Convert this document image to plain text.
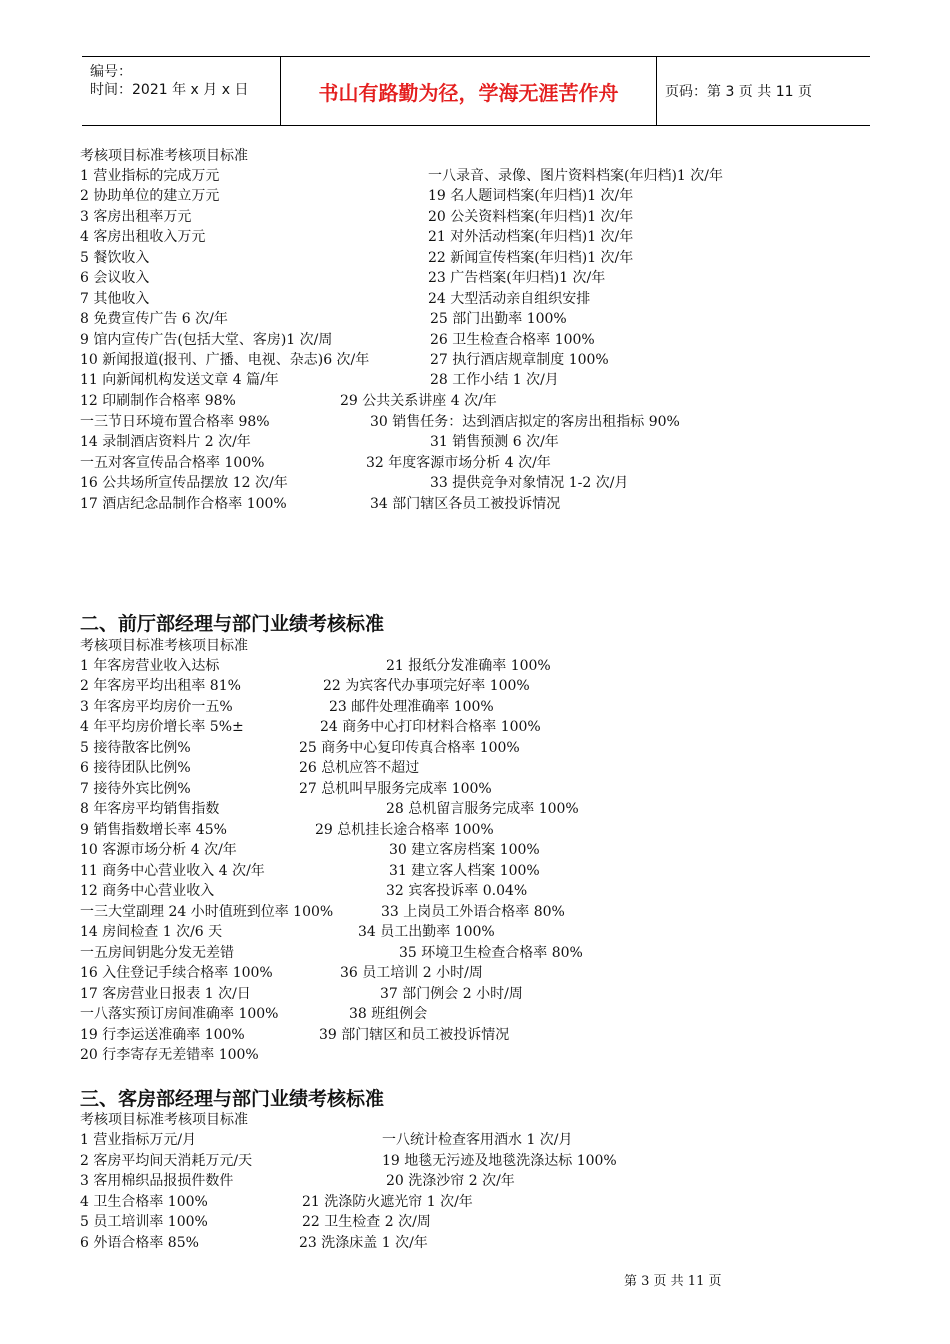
编号：
时间：2021 年 x 月 x 日	书山有路勤为径，学海无涯苦作舟	页码：第 3 页 共 11 页
考核项目标准考核项目标准
1 营业指标的完成万元	一八录音、录像、图片资料档案(年归档)1 次/年
2 协助单位的建立万元	19 名人题词档案(年归档)1 次/年
3 客房出租率万元	20 公关资料档案(年归档)1 次/年
4 客房出租收入万元	21 对外活动档案(年归档)1 次/年
5 餐饮收入	22 新闻宣传档案(年归档)1 次/年
6 会议收入	23 广告档案(年归档)1 次/年
7 其他收入	24 大型活动亲自组织安排
8 免费宣传广告 6 次/年	25 部门出勤率 100%
9 馆内宣传广告(包括大堂、客房)1 次/周	26 卫生检查合格率 100%
10 新闻报道(报刊、广播、电视、杂志)6 次/年	27 执行酒店规章制度 100%
11 向新闻机构发送文章 4 篇/年	28 工作小结 1 次/月
12 印刷制作合格率 98%	29 公共关系讲座 4 次/年
一三节日环境布置合格率 98%	30 销售任务：达到酒店拟定的客房出租指标 90%
14 录制酒店资料片 2 次/年	31 销售预测 6 次/年
一五对客宣传品合格率 100%	32 年度客源市场分析 4 次/年
16 公共场所宣传品摆放 12 次/年	33 提供竞争对象情况 1-2 次/月
17 酒店纪念品制作合格率 100%	34 部门辖区各员工被投诉情况
二、前厅部经理与部门业绩考核标准
考核项目标准考核项目标准
1 年客房营业收入达标	21 报纸分发准确率 100%
2 年客房平均出租率 81%	22 为宾客代办事项完好率 100%
3 年客房平均房价一五%	23 邮件处理准确率 100%
4 年平均房价增长率 5%±	24 商务中心打印材料合格率 100%
5 接待散客比例%	25 商务中心复印传真合格率 100%
6 接待团队比例%	26 总机应答不超过
7 接待外宾比例%	27 总机叫早服务完成率 100%
8 年客房平均销售指数	28 总机留言服务完成率 100%
9 销售指数增长率 45%	29 总机挂长途合格率 100%
10 客源市场分析 4 次/年	30 建立客房档案 100%
11 商务中心营业收入 4 次/年	31 建立客人档案 100%
12 商务中心营业收入	32 宾客投诉率 0.04%
一三大堂副理 24 小时值班到位率 100%	33 上岗员工外语合格率 80%
14 房间检查 1 次/6 天	34 员工出勤率 100%
一五房间钥匙分发无差错	35 环境卫生检查合格率 80%
16 入住登记手续合格率 100%	36 员工培训 2 小时/周
17 客房营业日报表 1 次/日	37 部门例会 2 小时/周
一八落实预订房间准确率 100%	38 班组例会
19 行李运送准确率 100%	39 部门辖区和员工被投诉情况
20 行李寄存无差错率 100%
三、客房部经理与部门业绩考核标准
考核项目标准考核项目标准
1 营业指标万元/月	一八统计检查客用酒水 1 次/月
2 客房平均间天消耗万元/天	19 地毯无污迹及地毯洗涤达标 100%
3 客用棉织品报损件数件	20 洗涤沙帘 2 次/年
4 卫生合格率 100%	21 洗涤防火遮光帘 1 次/年
5 员工培训率 100%	22 卫生检查 2 次/周
6 外语合格率 85%	23 洗涤床盖 1 次/年
第 3 页 共 11 页
